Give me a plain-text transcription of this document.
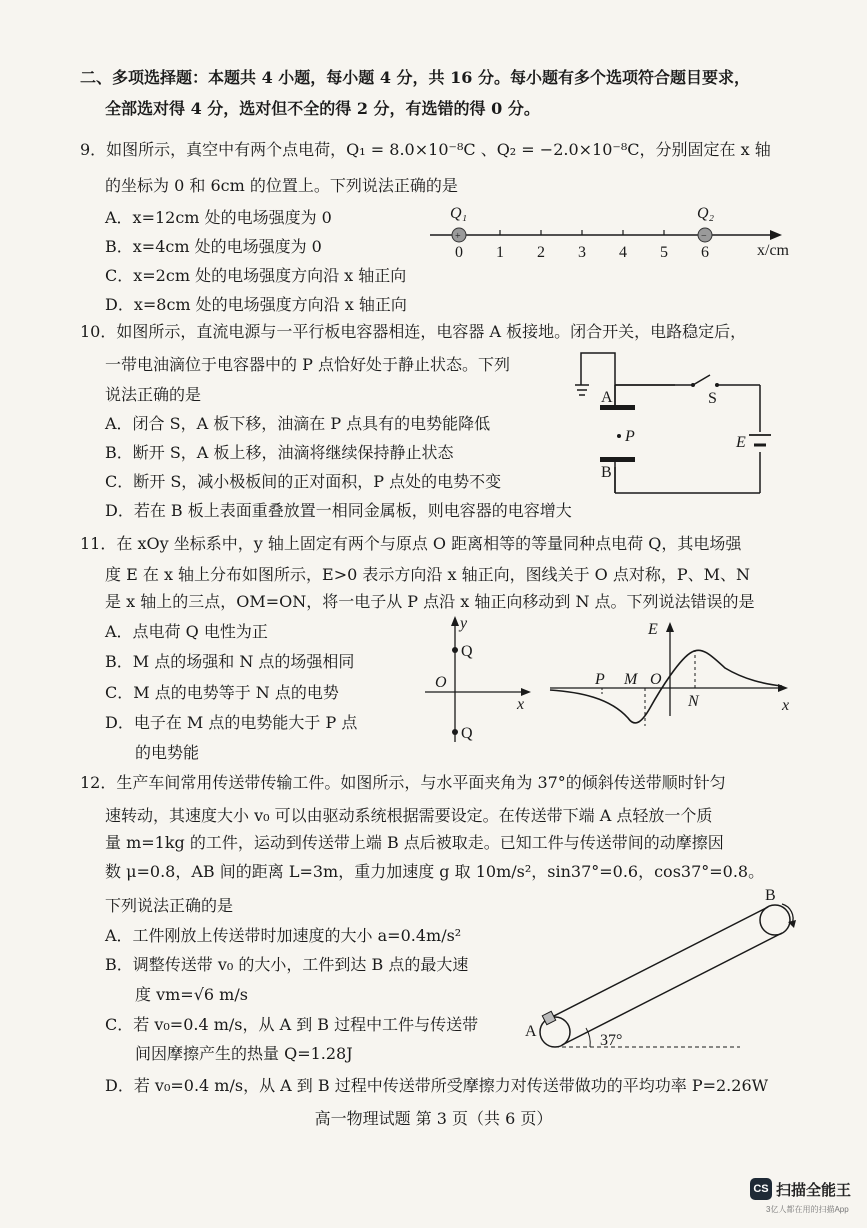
二、多项选择题：本题共 4 小题，每小题 4 分，共 16 分。每小题有多个选项符合题目要求，
全部选对得 4 分，选对但不全的得 2 分，有选错的得 0 分。
9．如图所示，真空中有两个点电荷，Q₁ = 8.0×10⁻⁸C 、Q₂ = −2.0×10⁻⁸C，分别固定在 x 轴
的坐标为 0 和 6cm 的位置上。下列说法正确的是
A．x=12cm 处的电场强度为 0
B．x=4cm 处的电场强度为 0
C．x=2cm 处的电场强度方向沿 x 轴正向
D．x=8cm 处的电场强度方向沿 x 轴正向
+	−
Q₁	Q₂
0 1 2 3 4 5 6	x/cm
10．如图所示，直流电源与一平行板电容器相连，电容器 A 板接地。闭合开关，电路稳定后，
一带电油滴位于电容器中的 P 点恰好处于静止状态。下列
说法正确的是
A．闭合 S，A 板下移，油滴在 P 点具有的电势能降低
B．断开 S，A 板上移，油滴将继续保持静止状态
C．断开 S，减小极板间的正对面积，P 点处的电势不变
D．若在 B 板上表面重叠放置一相同金属板，则电容器的电容增大
A
B
P
S
E
11．在 xOy 坐标系中，y 轴上固定有两个与原点 O 距离相等的等量同种点电荷 Q，其电场强
度 E 在 x 轴上分布如图所示，E>0 表示方向沿 x 轴正向，图线关于 O 点对称，P、M、N
是 x 轴上的三点，OM=ON，将一电子从 P 点沿 x 轴正向移动到 N 点。下列说法错误的是
A．点电荷 Q 电性为正
B．M 点的场强和 N 点的场强相同
C．M 点的电势等于 N 点的电势
D．电子在 M 点的电势能大于 P 点
的电势能
y
Q
Q
O
x
E
P M O
N	x
12．生产车间常用传送带传输工件。如图所示，与水平面夹角为 37°的倾斜传送带顺时针匀
速转动，其速度大小 v₀ 可以由驱动系统根据需要设定。在传送带下端 A 点轻放一个质
量 m=1kg 的工件，运动到传送带上端 B 点后被取走。已知工件与传送带间的动摩擦因
数 μ=0.8，AB 间的距离 L=3m，重力加速度 g 取 10m/s²，sin37°=0.6，cos37°=0.8。
下列说法正确的是
A．工件刚放上传送带时加速度的大小 a=0.4m/s²
B．调整传送带 v₀ 的大小，工件到达 B 点的最大速
度 vm=√6 m/s
C．若 v₀=0.4 m/s，从 A 到 B 过程中工件与传送带
间因摩擦产生的热量 Q=1.28J
D．若 v₀=0.4 m/s，从 A 到 B 过程中传送带所受摩擦力对传送带做功的平均功率 P=2.26W
A
B
37°
高一物理试题 第 3 页（共 6 页）
CS 扫描全能王
3亿人都在用的扫描App
